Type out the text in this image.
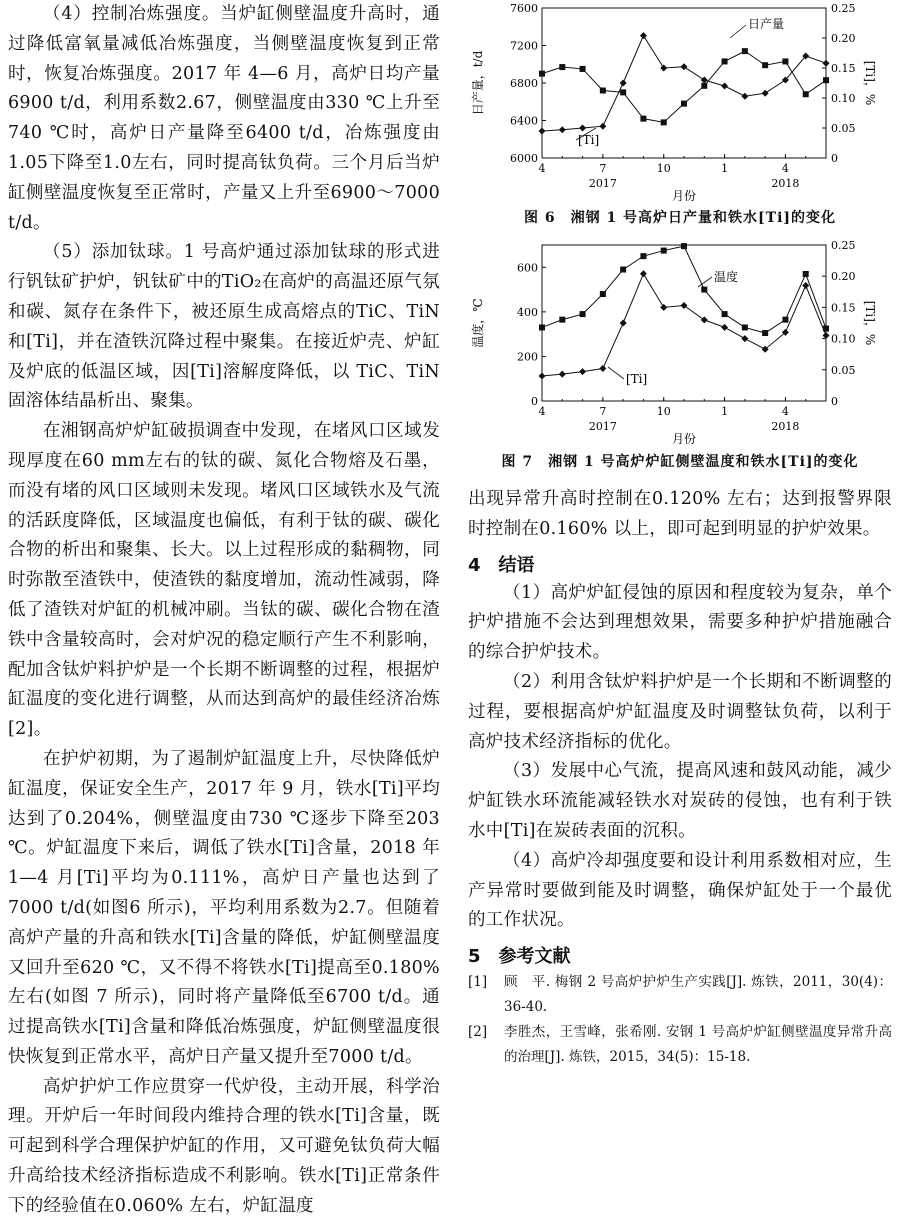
（4）控制冶炼强度。当炉缸侧壁温度升高时，通过降低富氧量减低冶炼强度，当侧壁温度恢复到正常时，恢复冶炼强度。2017 年 4—6 月，高炉日均产量6900 t/d，利用系数2.67，侧壁温度由330 ℃上升至740 ℃时，高炉日产量降至6400 t/d，冶炼强度由1.05下降至1.0左右，同时提高钛负荷。三个月后当炉缸侧壁温度恢复至正常时，产量又上升至6900～7000 t/d。

（5）添加钛球。1 号高炉通过添加钛球的形式进行钒钛矿护炉，钒钛矿中的TiO₂在高炉的高温还原气氛和碳、氮存在条件下，被还原生成高熔点的TiC、TiN 和[Ti]，并在渣铁沉降过程中聚集。在接近炉壳、炉缸及炉底的低温区域，因[Ti]溶解度降低，以 TiC、TiN 固溶体结晶析出、聚集。

在湘钢高炉炉缸破损调查中发现，在堵风口区域发现厚度在60 mm左右的钛的碳、氮化合物熔及石墨，而没有堵的风口区域则未发现。堵风口区域铁水及气流的活跃度降低，区域温度也偏低，有利于钛的碳、碳化合物的析出和聚集、长大。以上过程形成的黏稠物，同时弥散至渣铁中，使渣铁的黏度增加，流动性减弱，降低了渣铁对炉缸的机械冲刷。当钛的碳、碳化合物在渣铁中含量较高时，会对炉况的稳定顺行产生不利影响，配加含钛炉料护炉是一个长期不断调整的过程，根据炉缸温度的变化进行调整，从而达到高炉的最佳经济冶炼[2]。

在护炉初期，为了遏制炉缸温度上升，尽快降低炉缸温度，保证安全生产，2017 年 9 月，铁水[Ti]平均达到了0.204%，侧壁温度由730 ℃逐步下降至203 ℃。炉缸温度下来后，调低了铁水[Ti]含量，2018 年 1—4 月[Ti]平均为0.111%，高炉日产量也达到了7000 t/d(如图6 所示)，平均利用系数为2.7。但随着高炉产量的升高和铁水[Ti]含量的降低，炉缸侧壁温度又回升至620 ℃，又不得不将铁水[Ti]提高至0.180% 左右(如图 7 所示)，同时将产量降低至6700 t/d。通过提高铁水[Ti]含量和降低冶炼强度，炉缸侧壁温度很快恢复到正常水平，高炉日产量又提升至7000 t/d。

高炉护炉工作应贯穿一代炉役，主动开展，科学治理。开炉后一年时间段内维持合理的铁水[Ti]含量，既可起到科学合理保护炉缸的作用，又可避免钛负荷大幅升高给技术经济指标造成不利影响。铁水[Ti]正常条件下的经验值在0.060% 左右，炉缸温度

6000
6400
6800
7200
7600
0
0.05
0.10
0.15
0.20
0.25
4	7	10	1	4
2017	2018
月份
日产量，t/d	[Ti]，%
日产量
[Ti]
图 6　湘钢 1 号高炉日产量和铁水[Ti]的变化
0
200
400
600
0
0.05
0.10
0.15
0.20
0.25
4	7	10	1	4
2017	2018
月份
温度，℃	[Ti]，%
温度
[Ti]
图 7　湘钢 1 号高炉炉缸侧壁温度和铁水[Ti]的变化

出现异常升高时控制在0.120% 左右；达到报警界限时控制在0.160% 以上，即可起到明显的护炉效果。

4　结语

（1）高炉炉缸侵蚀的原因和程度较为复杂，单个护炉措施不会达到理想效果，需要多种护炉措施融合的综合护炉技术。

（2）利用含钛炉料护炉是一个长期和不断调整的过程，要根据高炉炉缸温度及时调整钛负荷，以利于高炉技术经济指标的优化。

（3）发展中心气流，提高风速和鼓风动能，减少炉缸铁水环流能减轻铁水对炭砖的侵蚀，也有利于铁水中[Ti]在炭砖表面的沉积。

（4）高炉冷却强度要和设计利用系数相对应，生产异常时要做到能及时调整，确保炉缸处于一个最优的工作状况。

5　参考文献
[1]	顾　平. 梅钢 2 号高炉护炉生产实践[J]. 炼铁，2011，30(4)：36-40.
[2]	李胜杰，王雪峰，张希刚. 安钢 1 号高炉炉缸侧壁温度异常升高的治理[J]. 炼铁，2015，34(5)：15-18.
